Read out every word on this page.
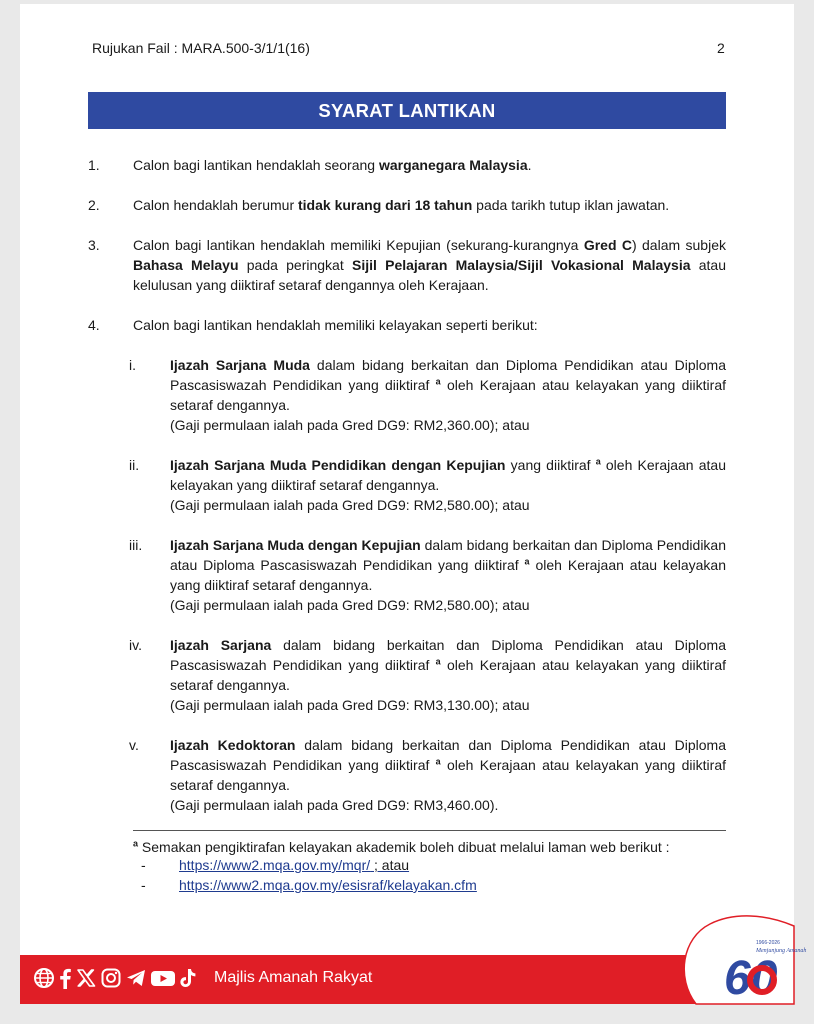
Rujukan Fail : MARA.500-3/1/1(16)	2
SYARAT LANTIKAN
1.	Calon bagi lantikan hendaklah seorang warganegara Malaysia.
2.	Calon hendaklah berumur tidak kurang dari 18 tahun pada tarikh tutup iklan jawatan.
3.	Calon bagi lantikan hendaklah memiliki Kepujian (sekurang-kurangnya Gred C) dalam subjek Bahasa Melayu pada peringkat Sijil Pelajaran Malaysia/Sijil Vokasional Malaysia atau kelulusan yang diiktiraf setaraf dengannya oleh Kerajaan.
4.	Calon bagi lantikan hendaklah memiliki kelayakan seperti berikut:
i.	Ijazah Sarjana Muda dalam bidang berkaitan dan Diploma Pendidikan atau Diploma Pascasiswazah Pendidikan yang diiktiraf $^a$ oleh Kerajaan atau kelayakan yang diiktiraf setaraf dengannya.
(Gaji permulaan ialah pada Gred DG9: RM2,360.00); atau
ii.	Ijazah Sarjana Muda Pendidikan dengan Kepujian yang diiktiraf $^a$ oleh Kerajaan atau kelayakan yang diiktiraf setaraf dengannya.
(Gaji permulaan ialah pada Gred DG9: RM2,580.00); atau
iii.	Ijazah Sarjana Muda dengan Kepujian dalam bidang berkaitan dan Diploma Pendidikan atau Diploma Pascasiswazah Pendidikan yang diiktiraf $^a$ oleh Kerajaan atau kelayakan yang diiktiraf setaraf dengannya.
(Gaji permulaan ialah pada Gred DG9: RM2,580.00); atau
iv.	Ijazah Sarjana dalam bidang berkaitan dan Diploma Pendidikan atau Diploma Pascasiswazah Pendidikan yang diiktiraf $^a$ oleh Kerajaan atau kelayakan yang diiktiraf setaraf dengannya.
(Gaji permulaan ialah pada Gred DG9: RM3,130.00); atau
v.	Ijazah Kedoktoran dalam bidang berkaitan dan Diploma Pendidikan atau Diploma Pascasiswazah Pendidikan yang diiktiraf $^a$ oleh Kerajaan atau kelayakan yang diiktiraf setaraf dengannya.
(Gaji permulaan ialah pada Gred DG9: RM3,460.00).
$^a$ Semakan pengiktirafan kelayakan akademik boleh dibuat melalui laman web berikut :
- https://www2.mqa.gov.my/mqr/ ; atau
- https://www2.mqa.gov.my/esisraf/kelayakan.cfm
Majlis Amanah Rakyat
1966-2026
Menjunjung Amanah
60
